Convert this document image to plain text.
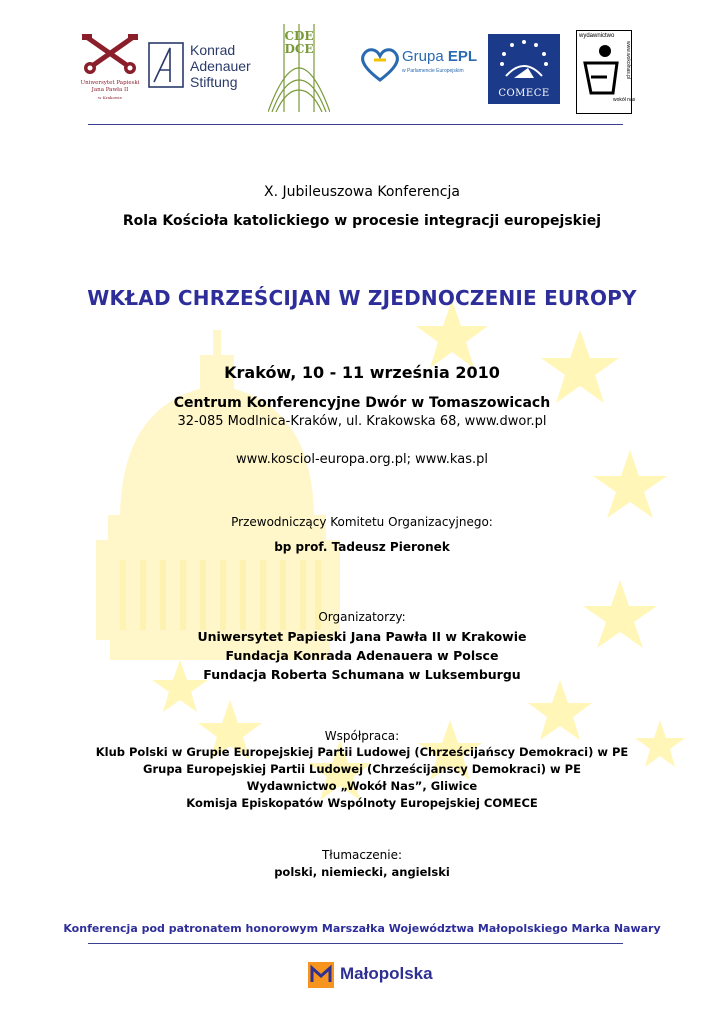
Uniwersytet Papieski
Jana Pawła II
w Krakowie
Konrad
Adenauer
Stiftung
CDE
DCE	Grupa EPL
w Parlamencie Europejskim
COMECE
wydawnictwo
wokół nas
www.wokolnas.pl
X. Jubileuszowa Konferencja
Rola Kościoła katolickiego w procesie integracji europejskiej
WKŁAD CHRZEŚCIJAN W ZJEDNOCZENIE EUROPY
Kraków, 10 - 11 września 2010
Centrum Konferencyjne Dwór w Tomaszowicach
32-085 Modlnica-Kraków, ul. Krakowska 68, www.dwor.pl
www.kosciol-europa.org.pl; www.kas.pl
Przewodniczący Komitetu Organizacyjnego:
bp prof. Tadeusz Pieronek
Organizatorzy:
Uniwersytet Papieski Jana Pawła II w Krakowie
Fundacja Konrada Adenauera w Polsce
Fundacja Roberta Schumana w Luksemburgu
Współpraca:
Klub Polski w Grupie Europejskiej Partii Ludowej (Chrześcijańscy Demokraci) w PE
Grupa Europejskiej Partii Ludowej (Chrześcijanscy Demokraci) w PE
Wydawnictwo „Wokół Nas”, Gliwice
Komisja Episkopatów Wspólnoty Europejskiej COMECE
Tłumaczenie:
polski, niemiecki, angielski
Konferencja pod patronatem honorowym Marszałka Województwa Małopolskiego Marka Nawary
Małopolska
